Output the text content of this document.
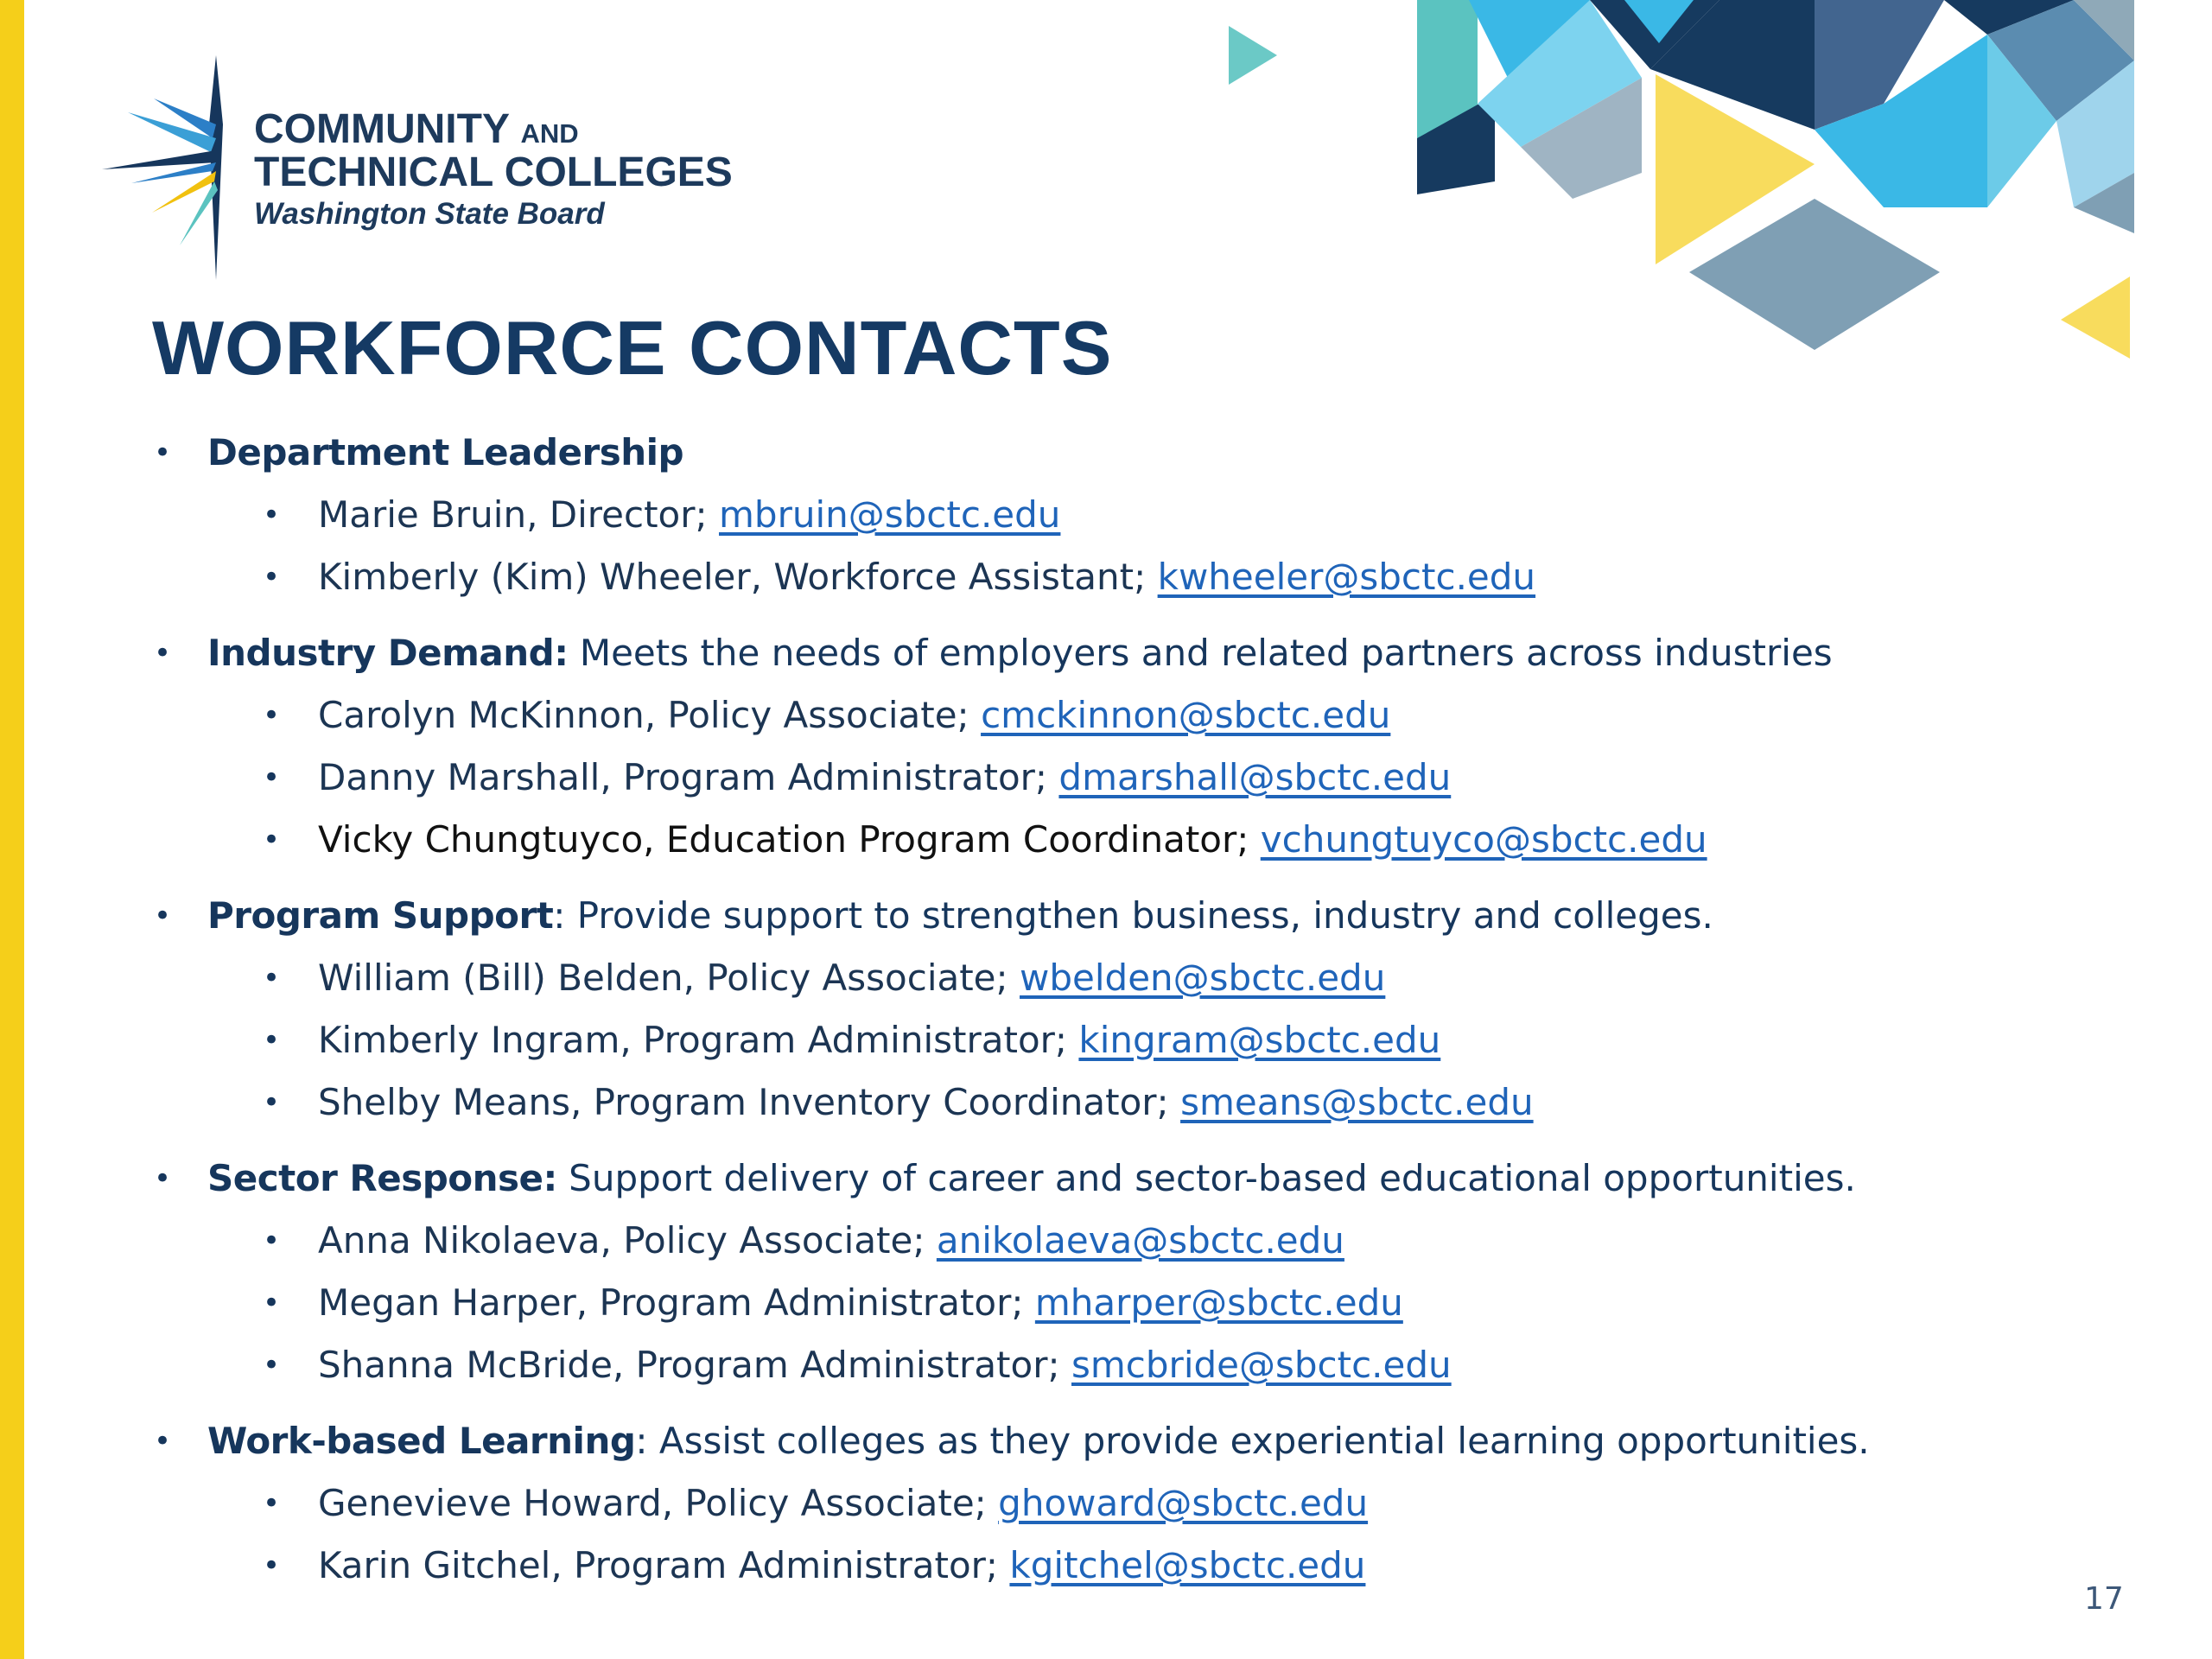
COMMUNITY AND
TECHNICAL COLLEGES
Washington State Board
WORKFORCE CONTACTS
• Department Leadership
• Marie Bruin, Director; mbruin@sbctc.edu
• Kimberly (Kim) Wheeler, Workforce Assistant; kwheeler@sbctc.edu
• Industry Demand: Meets the needs of employers and related partners across industries
• Carolyn McKinnon, Policy Associate; cmckinnon@sbctc.edu
• Danny Marshall, Program Administrator; dmarshall@sbctc.edu
• Vicky Chungtuyco, Education Program Coordinator; vchungtuyco@sbctc.edu
• Program Support: Provide support to strengthen business, industry and colleges.
• William (Bill) Belden, Policy Associate; wbelden@sbctc.edu
• Kimberly Ingram, Program Administrator; kingram@sbctc.edu
• Shelby Means, Program Inventory Coordinator; smeans@sbctc.edu
• Sector Response: Support delivery of career and sector-based educational opportunities.
• Anna Nikolaeva, Policy Associate; anikolaeva@sbctc.edu
• Megan Harper, Program Administrator; mharper@sbctc.edu
• Shanna McBride, Program Administrator; smcbride@sbctc.edu
• Work-based Learning: Assist colleges as they provide experiential learning opportunities.
• Genevieve Howard, Policy Associate; ghoward@sbctc.edu
• Karin Gitchel, Program Administrator; kgitchel@sbctc.edu
17
